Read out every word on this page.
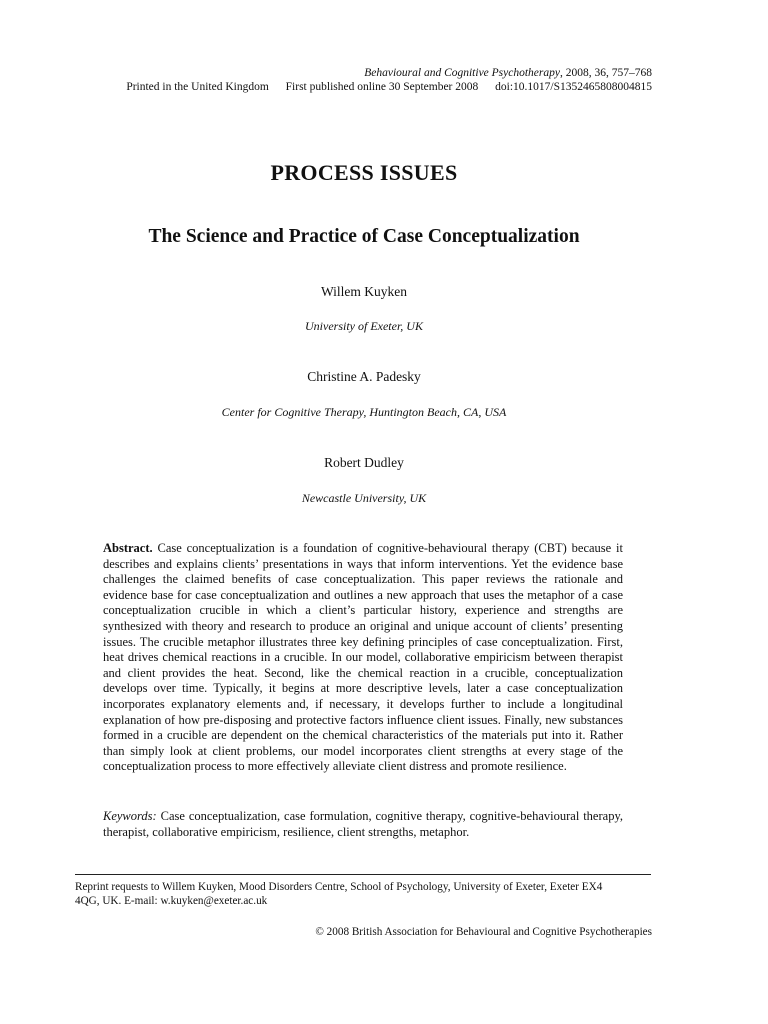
Behavioural and Cognitive Psychotherapy, 2008, 36, 757–768
Printed in the United Kingdom First published online 30 September 2008 doi:10.1017/S1352465808004815
PROCESS ISSUES
The Science and Practice of Case Conceptualization
Willem Kuyken
University of Exeter, UK
Christine A. Padesky
Center for Cognitive Therapy, Huntington Beach, CA, USA
Robert Dudley
Newcastle University, UK
Abstract. Case conceptualization is a foundation of cognitive-behavioural therapy (CBT) because it describes and explains clients’ presentations in ways that inform interventions. Yet the evidence base challenges the claimed benefits of case conceptualization. This paper reviews the rationale and evidence base for case conceptualization and outlines a new approach that uses the metaphor of a case conceptualization crucible in which a client’s particular history, experience and strengths are synthesized with theory and research to produce an original and unique account of clients’ presenting issues. The crucible metaphor illustrates three key defining principles of case conceptualization. First, heat drives chemical reactions in a crucible. In our model, collaborative empiricism between therapist and client provides the heat. Second, like the chemical reaction in a crucible, conceptualization develops over time. Typically, it begins at more descriptive levels, later a case conceptualization incorporates explanatory elements and, if necessary, it develops further to include a longitudinal explanation of how pre-disposing and protective factors influence client issues. Finally, new substances formed in a crucible are dependent on the chemical characteristics of the materials put into it. Rather than simply look at client problems, our model incorporates client strengths at every stage of the conceptualization process to more effectively alleviate client distress and promote resilience.
Keywords: Case conceptualization, case formulation, cognitive therapy, cognitive-behavioural therapy, therapist, collaborative empiricism, resilience, client strengths, metaphor.
Reprint requests to Willem Kuyken, Mood Disorders Centre, School of Psychology, University of Exeter, Exeter EX4
4QG, UK. E-mail: w.kuyken@exeter.ac.uk
© 2008 British Association for Behavioural and Cognitive Psychotherapies
